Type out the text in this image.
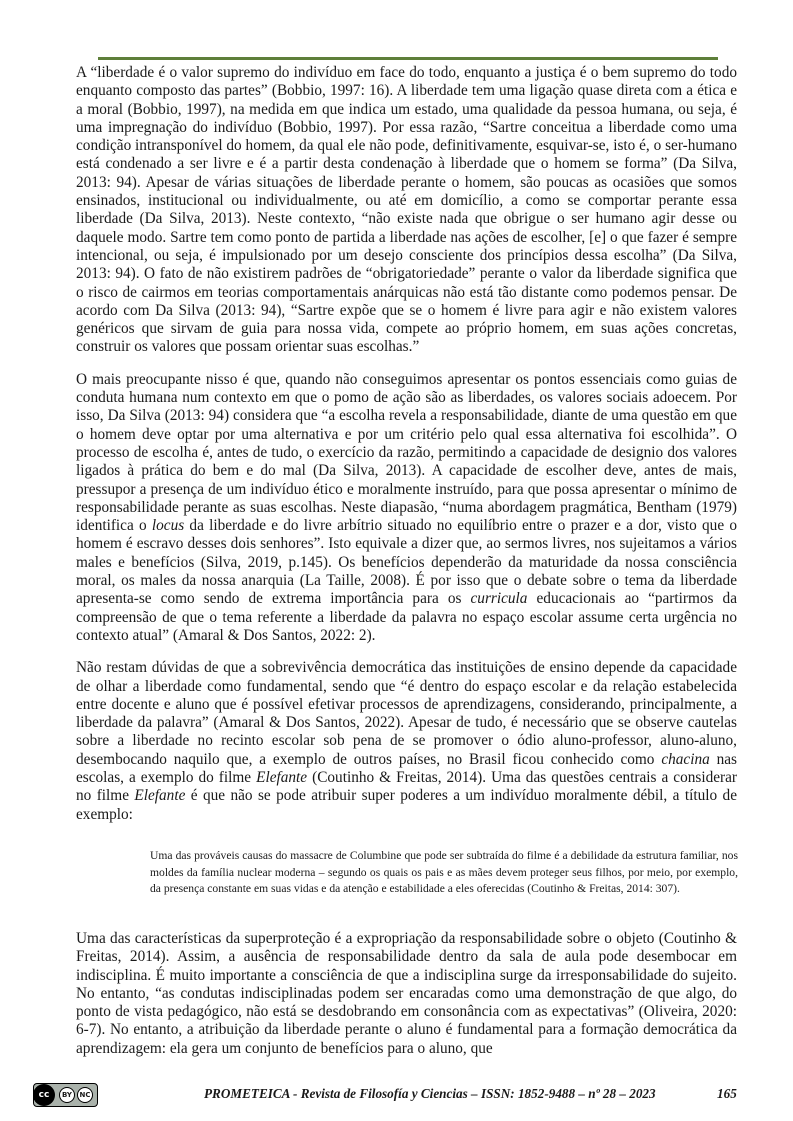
A “liberdade é o valor supremo do indivíduo em face do todo, enquanto a justiça é o bem supremo do todo enquanto composto das partes” (Bobbio, 1997: 16). A liberdade tem uma ligação quase direta com a ética e a moral (Bobbio, 1997), na medida em que indica um estado, uma qualidade da pessoa humana, ou seja, é uma impregnação do indivíduo (Bobbio, 1997). Por essa razão, “Sartre conceitua a liberdade como uma condição intransponível do homem, da qual ele não pode, definitivamente, esquivar-se, isto é, o ser-humano está condenado a ser livre e é a partir desta condenação à liberdade que o homem se forma” (Da Silva, 2013: 94). Apesar de várias situações de liberdade perante o homem, são poucas as ocasiões que somos ensinados, institucional ou individualmente, ou até em domicílio, a como se comportar perante essa liberdade (Da Silva, 2013). Neste contexto, “não existe nada que obrigue o ser humano agir desse ou daquele modo. Sartre tem como ponto de partida a liberdade nas ações de escolher, [e] o que fazer é sempre intencional, ou seja, é impulsionado por um desejo consciente dos princípios dessa escolha” (Da Silva, 2013: 94). O fato de não existirem padrões de “obrigatoriedade” perante o valor da liberdade significa que o risco de cairmos em teorias comportamentais anárquicas não está tão distante como podemos pensar. De acordo com Da Silva (2013: 94), “Sartre expõe que se o homem é livre para agir e não existem valores genéricos que sirvam de guia para nossa vida, compete ao próprio homem, em suas ações concretas, construir os valores que possam orientar suas escolhas.”

O mais preocupante nisso é que, quando não conseguimos apresentar os pontos essenciais como guias de conduta humana num contexto em que o pomo de ação são as liberdades, os valores sociais adoecem. Por isso, Da Silva (2013: 94) considera que “a escolha revela a responsabilidade, diante de uma questão em que o homem deve optar por uma alternativa e por um critério pelo qual essa alternativa foi escolhida”. O processo de escolha é, antes de tudo, o exercício da razão, permitindo a capacidade de designio dos valores ligados à prática do bem e do mal (Da Silva, 2013). A capacidade de escolher deve, antes de mais, pressupor a presença de um indivíduo ético e moralmente instruído, para que possa apresentar o mínimo de responsabilidade perante as suas escolhas. Neste diapasão, “numa abordagem pragmática, Bentham (1979) identifica o locus da liberdade e do livre arbítrio situado no equilíbrio entre o prazer e a dor, visto que o homem é escravo desses dois senhores”. Isto equivale a dizer que, ao sermos livres, nos sujeitamos a vários males e benefícios (Silva, 2019, p.145). Os benefícios dependerão da maturidade da nossa consciência moral, os males da nossa anarquia (La Taille, 2008). É por isso que o debate sobre o tema da liberdade apresenta-se como sendo de extrema importância para os curricula educacionais ao “partirmos da compreensão de que o tema referente a liberdade da palavra no espaço escolar assume certa urgência no contexto atual” (Amaral & Dos Santos, 2022: 2).

Não restam dúvidas de que a sobrevivência democrática das instituições de ensino depende da capacidade de olhar a liberdade como fundamental, sendo que “é dentro do espaço escolar e da relação estabelecida entre docente e aluno que é possível efetivar processos de aprendizagens, considerando, principalmente, a liberdade da palavra” (Amaral & Dos Santos, 2022). Apesar de tudo, é necessário que se observe cautelas sobre a liberdade no recinto escolar sob pena de se promover o ódio aluno-professor, aluno-aluno, desembocando naquilo que, a exemplo de outros países, no Brasil ficou conhecido como chacina nas escolas, a exemplo do filme Elefante (Coutinho & Freitas, 2014). Uma das questões centrais a considerar no filme Elefante é que não se pode atribuir super poderes a um indivíduo moralmente débil, a título de exemplo:

Uma das prováveis causas do massacre de Columbine que pode ser subtraída do filme é a debilidade da estrutura familiar, nos moldes da família nuclear moderna – segundo os quais os pais e as mães devem proteger seus filhos, por meio, por exemplo, da presença constante em suas vidas e da atenção e estabilidade a eles oferecidas (Coutinho & Freitas, 2014: 307).

Uma das características da superproteção é a expropriação da responsabilidade sobre o objeto (Coutinho & Freitas, 2014). Assim, a ausência de responsabilidade dentro da sala de aula pode desembocar em indisciplina. É muito importante a consciência de que a indisciplina surge da irresponsabilidade do sujeito. No entanto, “as condutas indisciplinadas podem ser encaradas como uma demonstração de que algo, do ponto de vista pedagógico, não está se desdobrando em consonância com as expectativas” (Oliveira, 2020: 6-7). No entanto, a atribuição da liberdade perante o aluno é fundamental para a formação democrática da aprendizagem: ela gera um conjunto de benefícios para o aluno, que

cc	BY	NC	PROMETEICA - Revista de Filosofía y Ciencias – ISSN: 1852-9488 – nº 28 – 2023	165
